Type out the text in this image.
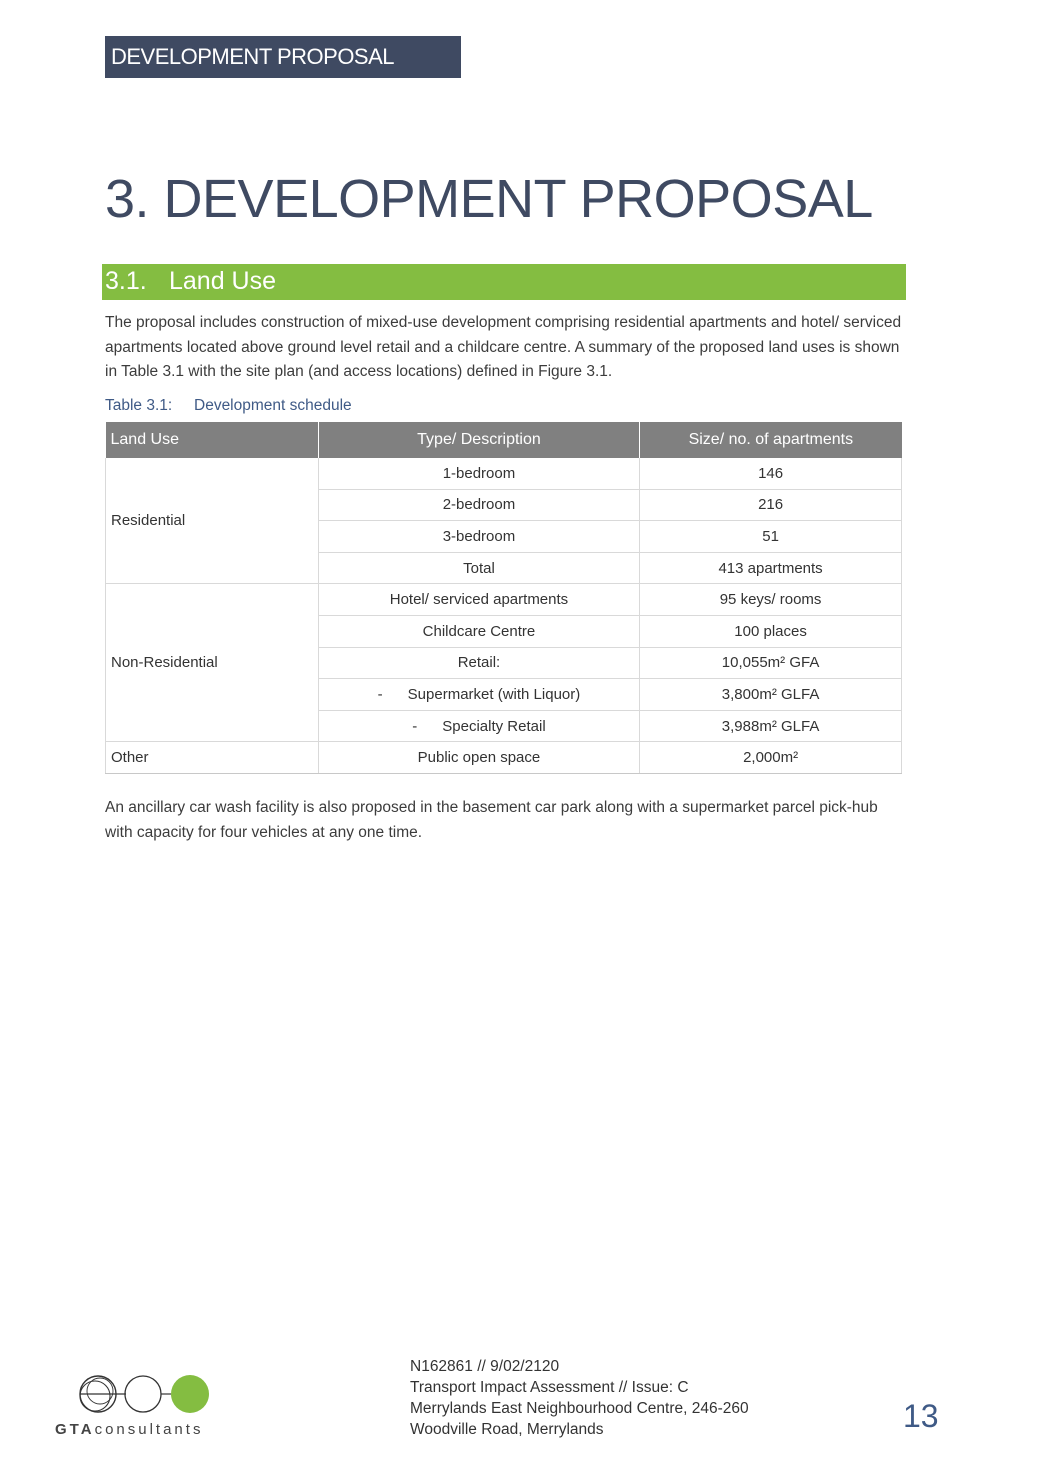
DEVELOPMENT PROPOSAL
3. DEVELOPMENT PROPOSAL
3.1. Land Use

The proposal includes construction of mixed-use development comprising residential apartments and hotel/ serviced apartments located above ground level retail and a childcare centre. A summary of the proposed land uses is shown in Table 3.1 with the site plan (and access locations) defined in Figure 3.1.

Table 3.1: Development schedule
Land Use	Type/ Description	Size/ no. of apartments
Residential	1-bedroom	146
	2-bedroom	216
	3-bedroom	51
	Total	413 apartments
Non-Residential	Hotel/ serviced apartments	95 keys/ rooms
	Childcare Centre	100 places
	Retail:	10,055m² GFA
	- Supermarket (with Liquor)	3,800m² GLFA
	- Specialty Retail	3,988m² GLFA
Other	Public open space	2,000m²

An ancillary car wash facility is also proposed in the basement car park along with a supermarket parcel pick-hub with capacity for four vehicles at any one time.

GTAconsultants
N162861 // 9/02/2120
Transport Impact Assessment // Issue: C
Merrylands East Neighbourhood Centre, 246-260
Woodville Road, Merrylands	13
